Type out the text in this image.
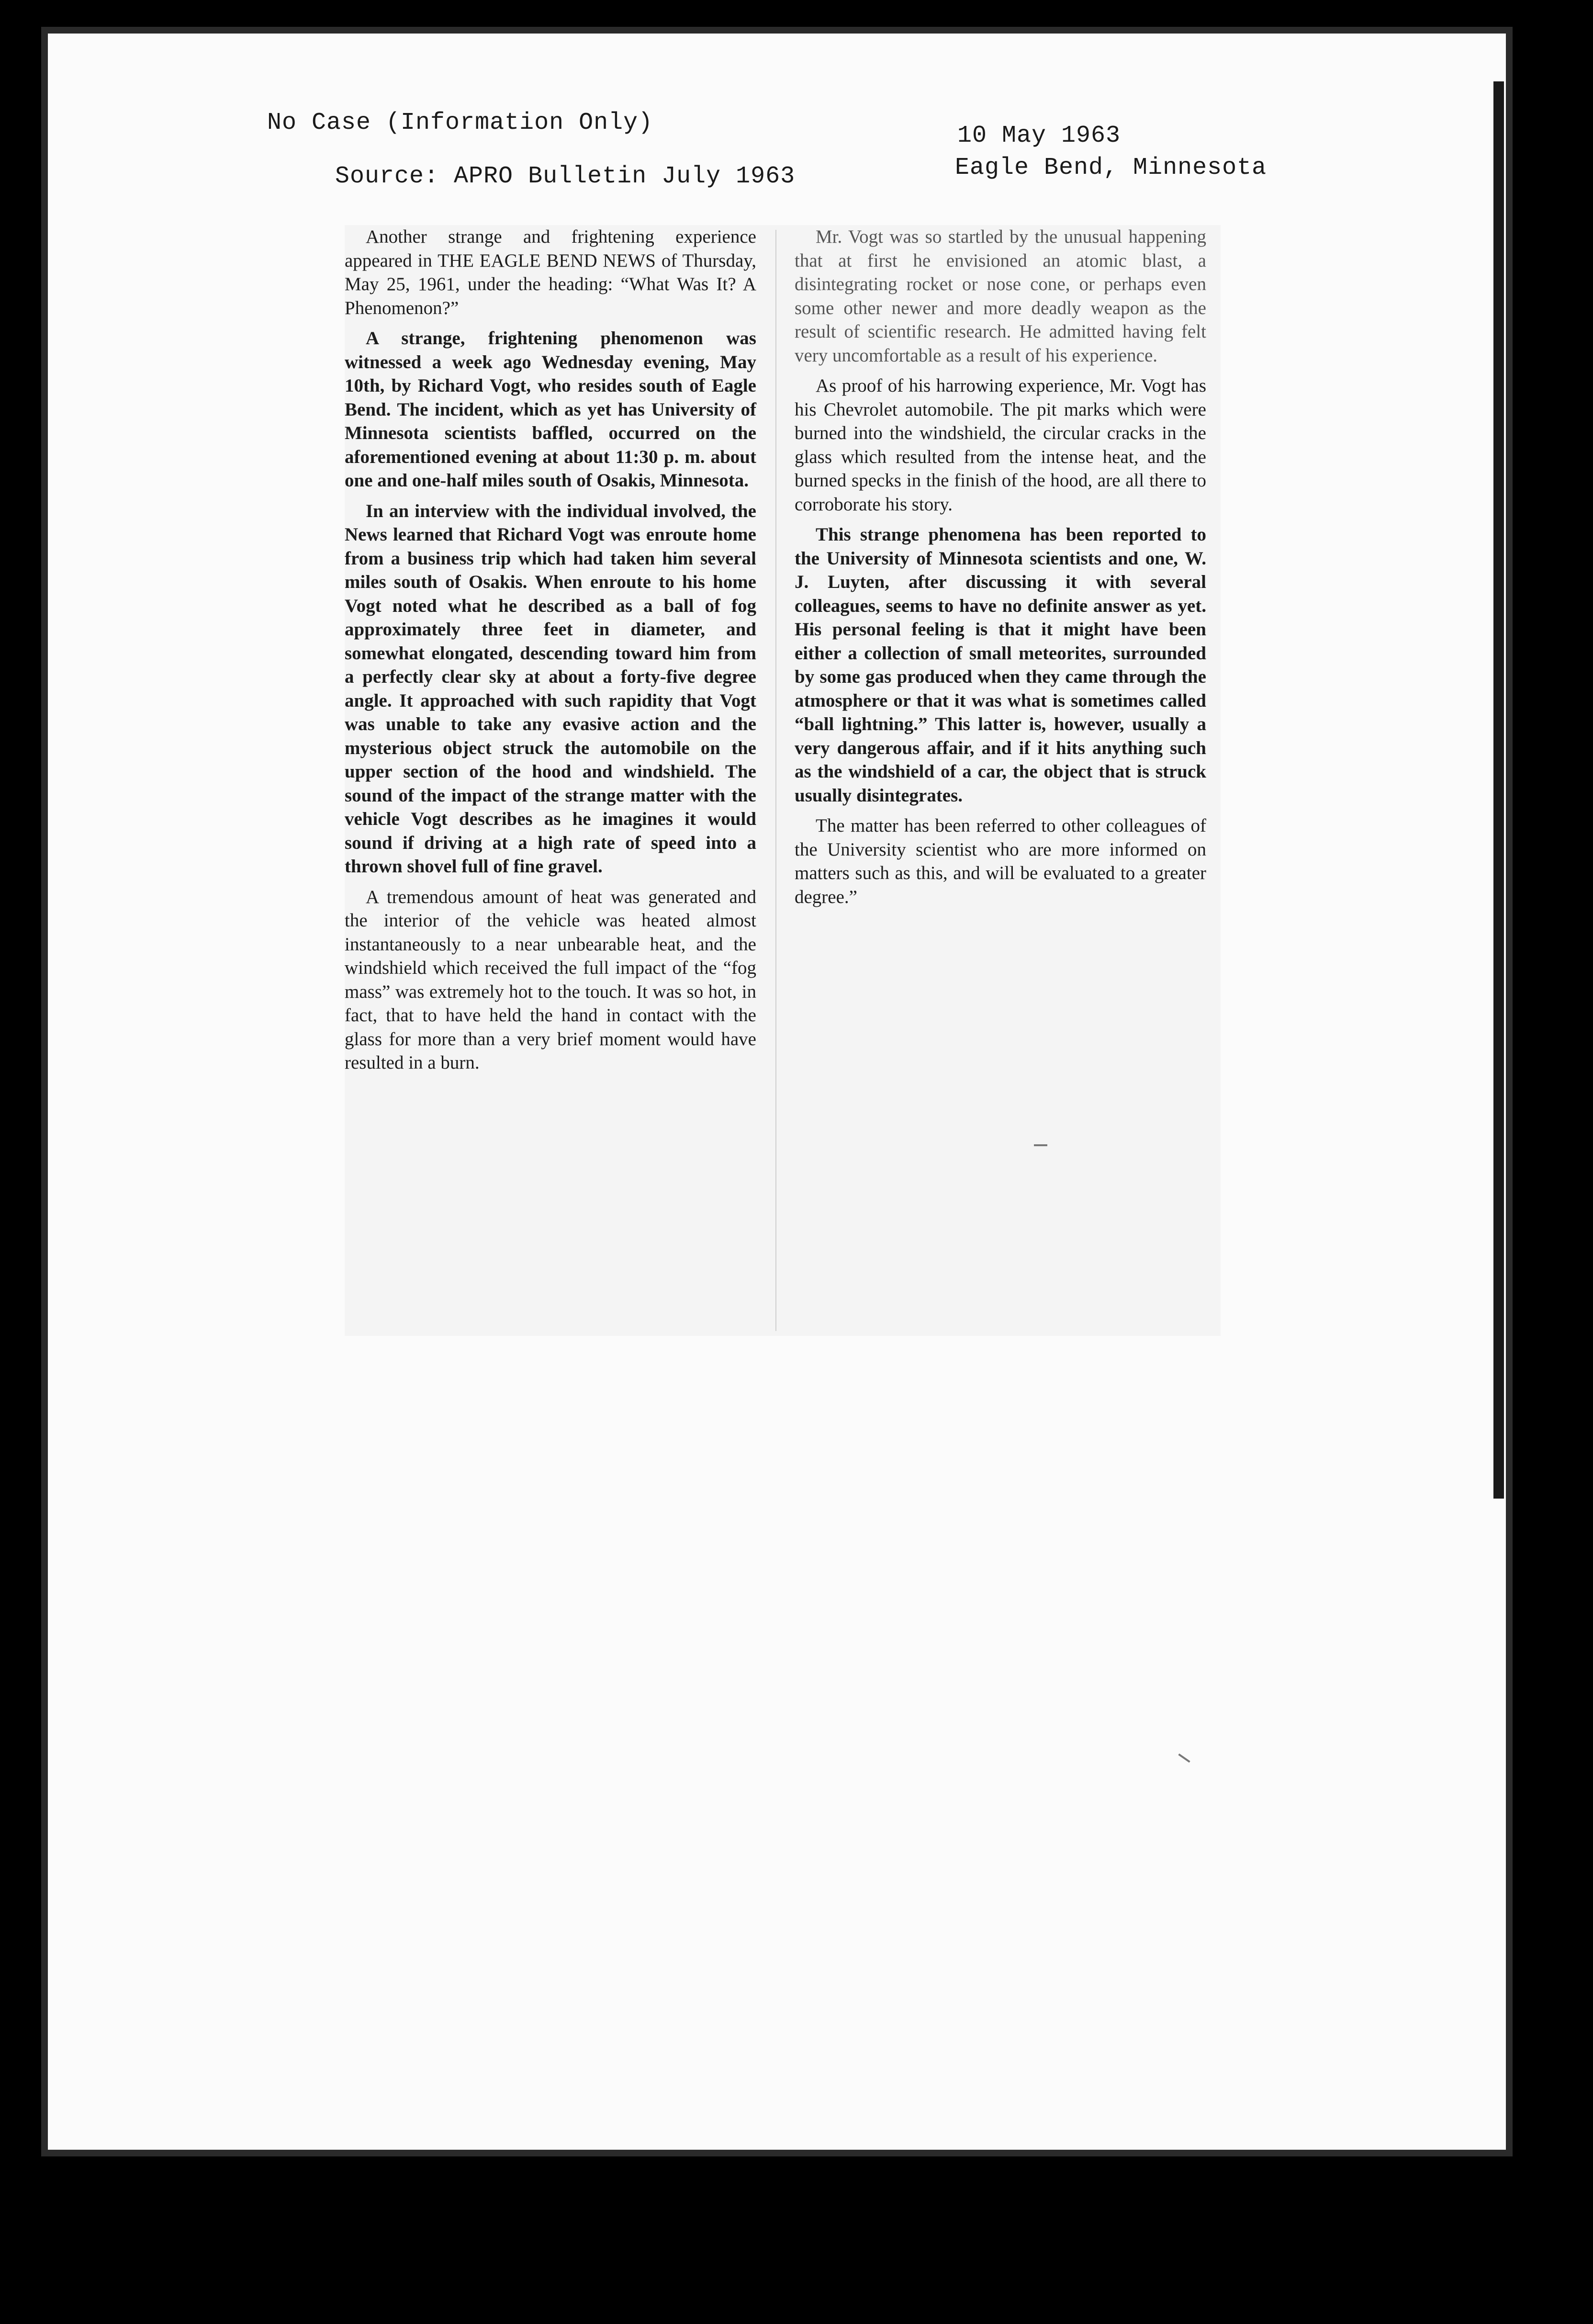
No Case (Information Only)
Source: APRO Bulletin July 1963
10 May 1963
Eagle Bend, Minnesota

Another strange and frightening experience appeared in THE EAGLE BEND NEWS of Thursday, May 25, 1961, under the heading: “What Was It? A Phenomenon?”

A strange, frightening phenomenon was witnessed a week ago Wednesday evening, May 10th, by Richard Vogt, who resides south of Eagle Bend. The incident, which as yet has University of Minnesota scientists baffled, occurred on the aforementioned evening at about 11:30 p. m. about one and one-half miles south of Osakis, Minnesota.

In an interview with the individual involved, the News learned that Richard Vogt was enroute home from a business trip which had taken him several miles south of Osakis. When enroute to his home Vogt noted what he described as a ball of fog approximately three feet in diameter, and somewhat elongated, descending toward him from a perfectly clear sky at about a forty-five degree angle. It approached with such rapidity that Vogt was unable to take any evasive action and the mysterious object struck the automobile on the upper section of the hood and windshield. The sound of the impact of the strange matter with the vehicle Vogt describes as he imagines it would sound if driving at a high rate of speed into a thrown shovel full of fine gravel.

A tremendous amount of heat was generated and the interior of the vehicle was heated almost instantaneously to a near unbearable heat, and the windshield which received the full impact of the “fog mass” was extremely hot to the touch. It was so hot, in fact, that to have held the hand in contact with the glass for more than a very brief moment would have resulted in a burn.

Mr. Vogt was so startled by the unusual happening that at first he envisioned an atomic blast, a disintegrating rocket or nose cone, or perhaps even some other newer and more deadly weapon as the result of scientific research. He admitted having felt very uncomfortable as a result of his experience.

As proof of his harrowing experience, Mr. Vogt has his Chevrolet automobile. The pit marks which were burned into the windshield, the circular cracks in the glass which resulted from the intense heat, and the burned specks in the finish of the hood, are all there to corroborate his story.

This strange phenomena has been reported to the University of Minnesota scientists and one, W. J. Luyten, after discussing it with several colleagues, seems to have no definite answer as yet. His personal feeling is that it might have been either a collection of small meteorites, surrounded by some gas produced when they came through the atmosphere or that it was what is sometimes called “ball lightning.” This latter is, however, usually a very dangerous affair, and if it hits anything such as the windshield of a car, the object that is struck usually disintegrates.

The matter has been referred to other colleagues of the University scientist who are more informed on matters such as this, and will be evaluated to a greater degree.”
